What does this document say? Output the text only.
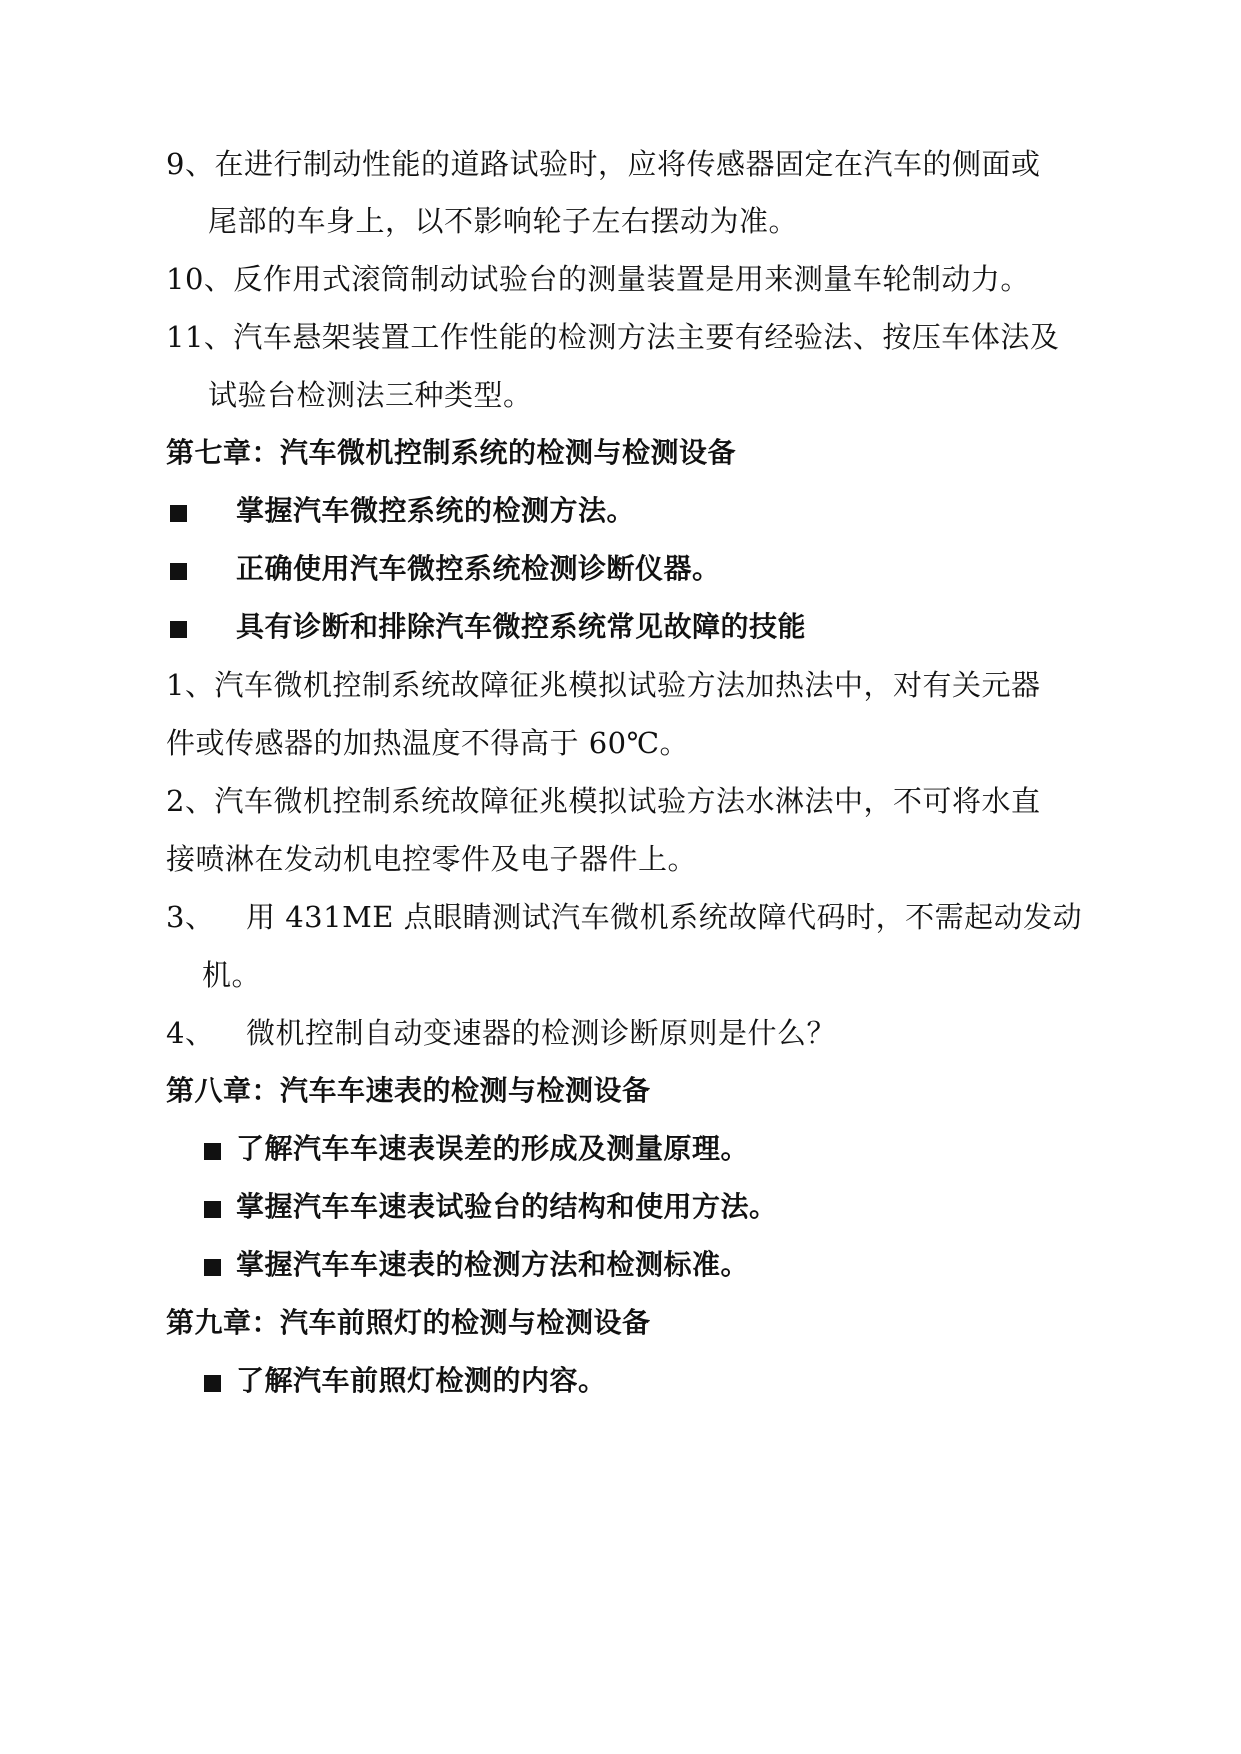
9、在进行制动性能的道路试验时，应将传感器固定在汽车的侧面或
尾部的车身上，以不影响轮子左右摆动为准。
10、反作用式滚筒制动试验台的测量装置是用来测量车轮制动力。
11、汽车悬架装置工作性能的检测方法主要有经验法、按压车体法及
试验台检测法三种类型。
第七章：汽车微机控制系统的检测与检测设备
掌握汽车微控系统的检测方法。
正确使用汽车微控系统检测诊断仪器。
具有诊断和排除汽车微控系统常见故障的技能
1、汽车微机控制系统故障征兆模拟试验方法加热法中，对有关元器
件或传感器的加热温度不得高于 60℃。
2、汽车微机控制系统故障征兆模拟试验方法水淋法中，不可将水直
接喷淋在发动机电控零件及电子器件上。
3、 用 431ME 点眼睛测试汽车微机系统故障代码时，不需起动发动
机。
4、 微机控制自动变速器的检测诊断原则是什么？
第八章：汽车车速表的检测与检测设备
了解汽车车速表误差的形成及测量原理。
掌握汽车车速表试验台的结构和使用方法。
掌握汽车车速表的检测方法和检测标准。
第九章：汽车前照灯的检测与检测设备
了解汽车前照灯检测的内容。
